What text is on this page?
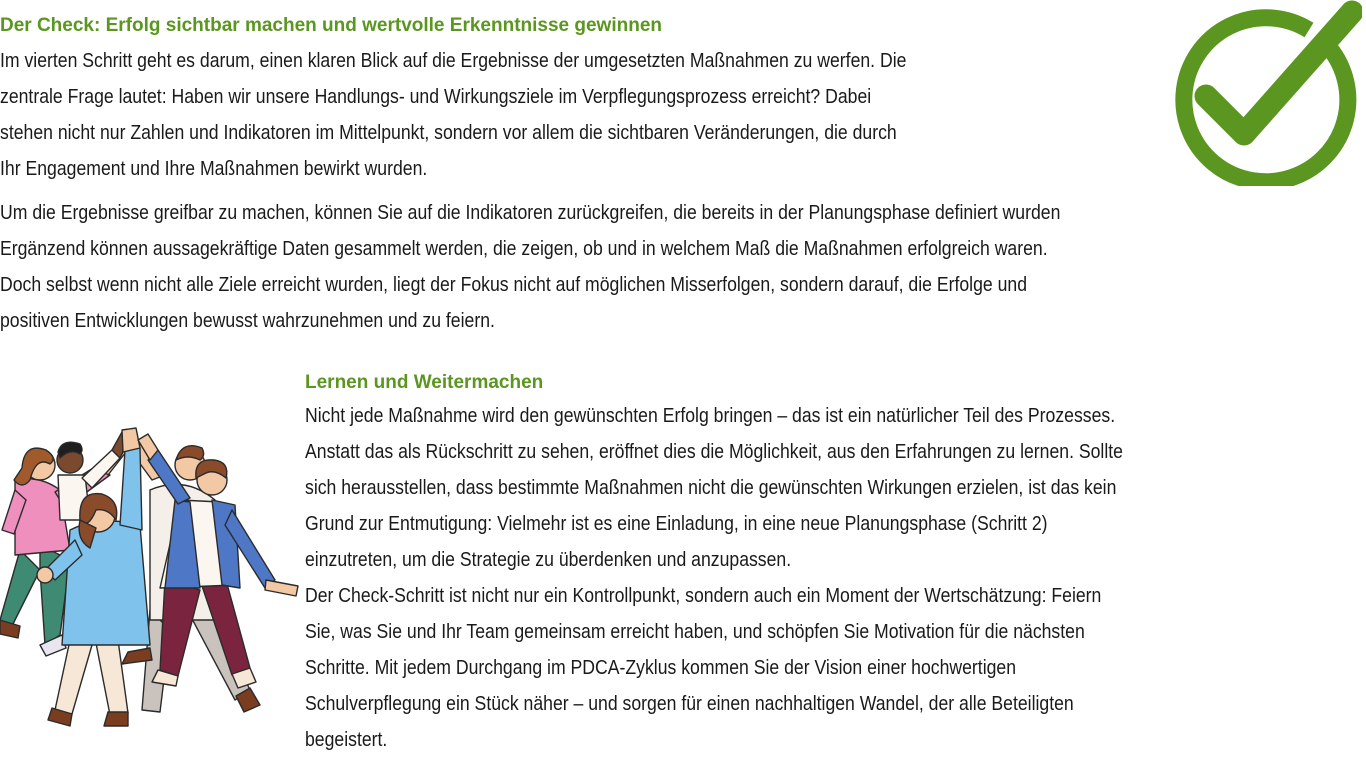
Der Check: Erfolg sichtbar machen und wertvolle Erkenntnisse gewinnen

Im vierten Schritt geht es darum, einen klaren Blick auf die Ergebnisse der umgesetzten Maßnahmen zu werfen. Die
zentrale Frage lautet: Haben wir unsere Handlungs- und Wirkungsziele im Verpflegungsprozess erreicht? Dabei
stehen nicht nur Zahlen und Indikatoren im Mittelpunkt, sondern vor allem die sichtbaren Veränderungen, die durch
Ihr Engagement und Ihre Maßnahmen bewirkt wurden.

Um die Ergebnisse greifbar zu machen, können Sie auf die Indikatoren zurückgreifen, die bereits in der Planungsphase definiert wurden
Ergänzend können aussagekräftige Daten gesammelt werden, die zeigen, ob und in welchem Maß die Maßnahmen erfolgreich waren.
Doch selbst wenn nicht alle Ziele erreicht wurden, liegt der Fokus nicht auf möglichen Misserfolgen, sondern darauf, die Erfolge und
positiven Entwicklungen bewusst wahrzunehmen und zu feiern.

Lernen und Weitermachen

Nicht jede Maßnahme wird den gewünschten Erfolg bringen – das ist ein natürlicher Teil des Prozesses.
Anstatt das als Rückschritt zu sehen, eröffnet dies die Möglichkeit, aus den Erfahrungen zu lernen. Sollte
sich herausstellen, dass bestimmte Maßnahmen nicht die gewünschten Wirkungen erzielen, ist das kein
Grund zur Entmutigung: Vielmehr ist es eine Einladung, in eine neue Planungsphase (Schritt 2)
einzutreten, um die Strategie zu überdenken und anzupassen.
Der Check-Schritt ist nicht nur ein Kontrollpunkt, sondern auch ein Moment der Wertschätzung: Feiern
Sie, was Sie und Ihr Team gemeinsam erreicht haben, und schöpfen Sie Motivation für die nächsten
Schritte. Mit jedem Durchgang im PDCA-Zyklus kommen Sie der Vision einer hochwertigen
Schulverpflegung ein Stück näher – und sorgen für einen nachhaltigen Wandel, der alle Beteiligten
begeistert.
